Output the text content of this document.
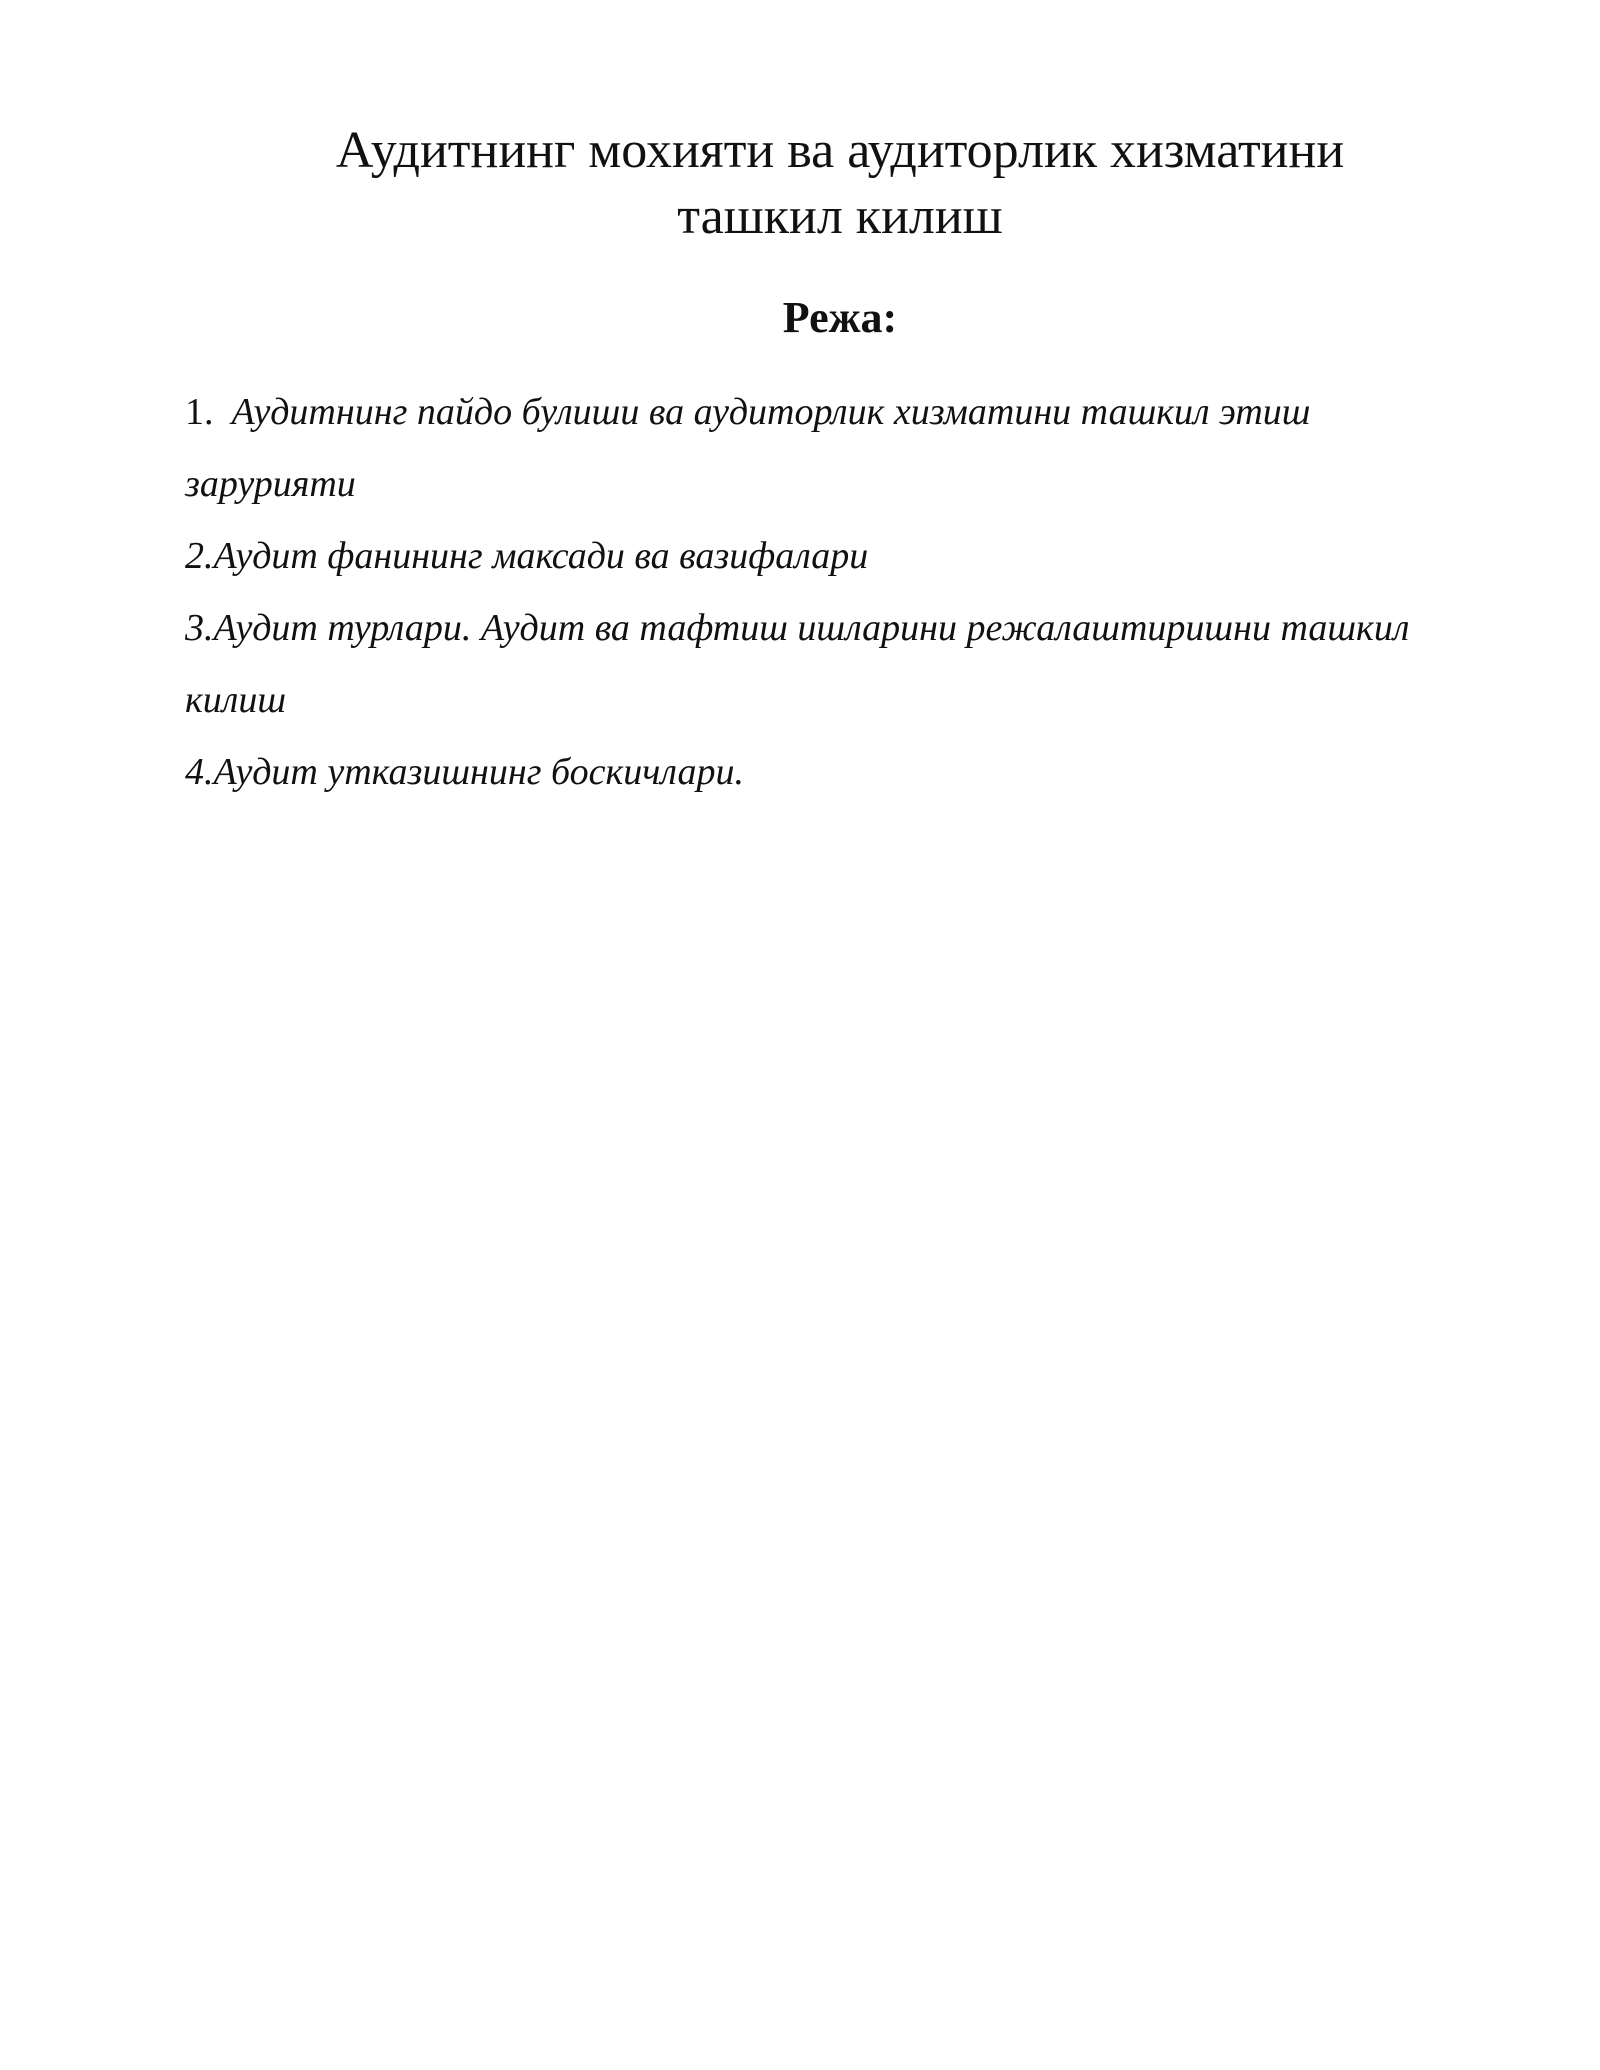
Аудитнинг мохияти ва аудиторлик хизматини
ташкил килиш
Режа:
1. Аудитнинг пайдо булиши ва аудиторлик хизматини ташкил этиш зарурияти
2.Аудит фанининг максади ва вазифалари
3.Аудит турлари. Аудит ва тафтиш ишларини режалаштиришни ташкил килиш
4.Аудит утказишнинг боскичлари.
